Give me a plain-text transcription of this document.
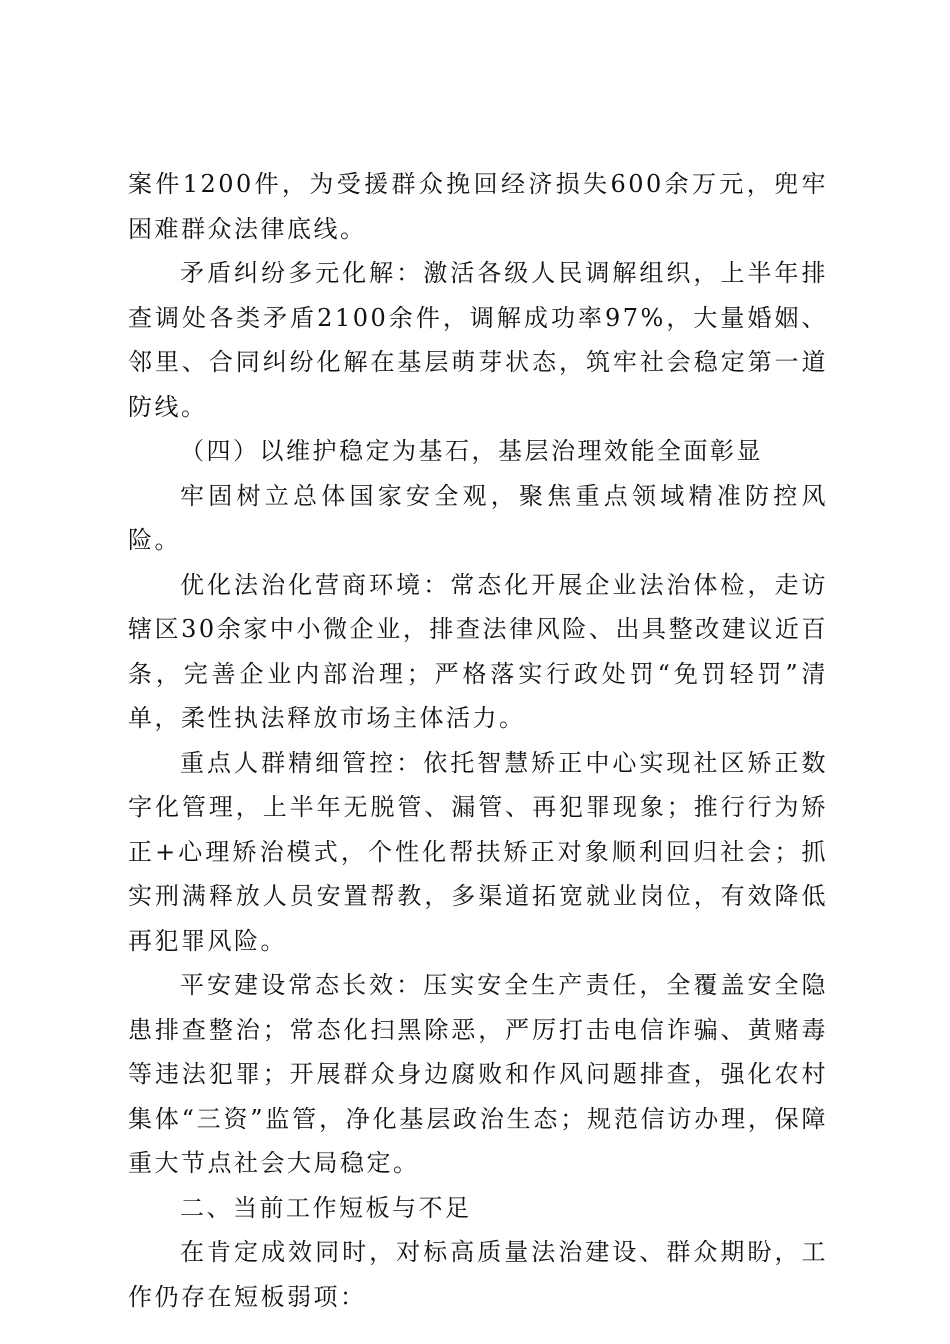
案件1200件，为受援群众挽回经济损失600余万元，兜牢困难群众法律底线。

矛盾纠纷多元化解：激活各级人民调解组织，上半年排查调处各类矛盾2100余件，调解成功率97%，大量婚姻、邻里、合同纠纷化解在基层萌芽状态，筑牢社会稳定第一道防线。

（四）以维护稳定为基石，基层治理效能全面彰显

牢固树立总体国家安全观，聚焦重点领域精准防控风险。

优化法治化营商环境：常态化开展企业法治体检，走访辖区30余家中小微企业，排查法律风险、出具整改建议近百条，完善企业内部治理；严格落实行政处罚“免罚轻罚”清单，柔性执法释放市场主体活力。

重点人群精细管控：依托智慧矫正中心实现社区矫正数字化管理，上半年无脱管、漏管、再犯罪现象；推行行为矫正+心理矫治模式，个性化帮扶矫正对象顺利回归社会；抓实刑满释放人员安置帮教，多渠道拓宽就业岗位，有效降低再犯罪风险。

平安建设常态长效：压实安全生产责任，全覆盖安全隐患排查整治；常态化扫黑除恶，严厉打击电信诈骗、黄赌毒等违法犯罪；开展群众身边腐败和作风问题排查，强化农村集体“三资”监管，净化基层政治生态；规范信访办理，保障重大节点社会大局稳定。

二、当前工作短板与不足

在肯定成效同时，对标高质量法治建设、群众期盼，工作仍存在短板弱项：
